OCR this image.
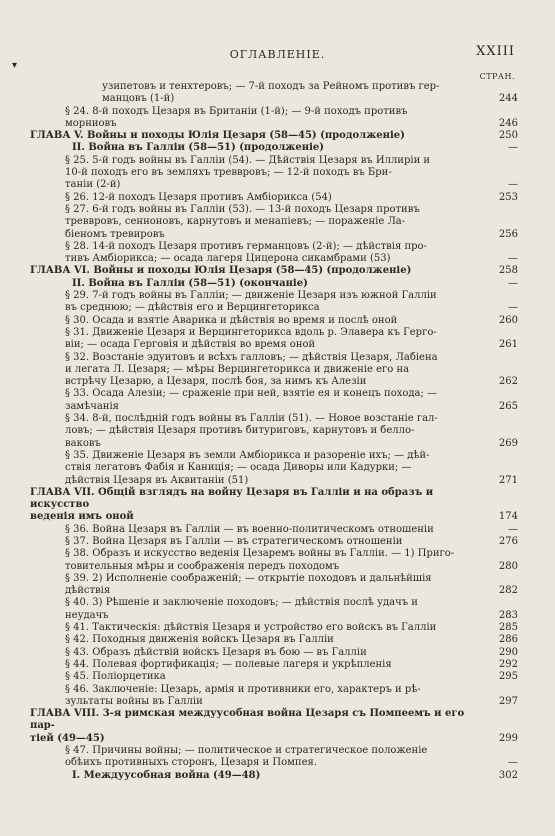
▾
ОГЛАВЛЕНІЕ.	XXIII
СТРАН.
узипетовъ и тенхтеровъ; — 7-й походъ за Рейномъ противъ гер-
манцовъ (1-й)	244
§ 24. 8-й походъ Цезаря въ Британіи (1-й); — 9-й походъ противъ
морниовъ	246
ГЛАВА V. Войны и походы Юлія Цезаря (58—45) (продолженіе)	250
II. Война въ Галліи (58—51) (продолженіе)	—
§ 25. 5-й годъ войны въ Галліи (54). — Дѣйствія Цезаря въ Иллиріи и
10-й походъ его въ земляхъ треввровъ; — 12-й походъ въ Бри-
таніи (2-й)	—
§ 26. 12-й походъ Цезаря противъ Амбіорикса (54)	253
§ 27. 6-й годъ войны въ Галліи (53). — 13-й походъ Цезаря противъ
треввровъ, сенноновъ, карнутовъ и менапіевъ; — пораженіе Ла-
біеномъ тревировъ	256
§ 28. 14-й походъ Цезаря противъ германцовъ (2-й); — дѣйствія про-
тивъ Амбіорикса; — осада лагеря Цицерона сикамбрами (53)	—
ГЛАВА VI. Войны и походы Юлія Цезаря (58—45) (продолженіе)	258
II. Война въ Галліи (58—51) (окончаніе)	—
§ 29. 7-й годъ войны въ Галліи; — движеніе Цезаря изъ южной Галліи
въ среднюю; — дѣйствія его и Верцингеторикса	—
§ 30. Осада и взятіе Аварика и дѣйствія во время и послѣ оной	260
§ 31. Движеніе Цезаря и Верцингеторикса вдоль р. Элавера къ Гергo-
віи; — осада Герговія и дѣйствія во время оной	261
§ 32. Возстаніе эдуитовъ и всѣхъ галловъ; — дѣйствія Цезаря, Лабіена
и легата Л. Цезаря; — мѣры Верцингеторикса и движеніе его на
встрѣчу Цезарю, а Цезаря, послѣ боя, за нимъ къ Алезіи	262
§ 33. Осада Алезіи; — сраженіе при ней, взятіе ея и конецъ похода; —
замѣчанія	265
§ 34. 8-й, послѣдній годъ войны въ Галліи (51). — Новое возстаніе гал-
ловъ; — дѣйствія Цезаря противъ битуриговъ, карнутовъ и белло-
ваковъ	269
§ 35. Движеніе Цезаря въ земли Амбіорикса и разореніе ихъ; — дѣй-
ствія легатовъ Фабія и Каниція; — осада Диворы или Кадурки; —
дѣйствія Цезаря въ Аквитаніи (51)	271
ГЛАВА VII. Общій взглядъ на войну Цезаря въ Галліи и на образъ и искусство
веденія имъ оной	174
§ 36. Война Цезаря въ Галліи — въ военно-политическомъ отношеніи	—
§ 37. Война Цезаря въ Галліи — въ стратегическомъ отношеніи	276
§ 38. Образъ и искусство веденія Цезаремъ войны въ Галліи. — 1) Приго-
товительныя мѣры и соображенія передъ походомъ	280
§ 39. 2) Исполненіе соображеній; — открытіе походовъ и дальнѣйшія
дѣйствія	282
§ 40. 3) Рѣшеніе и заключеніе походовъ; — дѣйствія послѣ удачъ и
неудачъ	283
§ 41. Тактическія: дѣйствія Цезаря и устройство его войскъ въ Галліи	285
§ 42. Походныя движенія войскъ Цезаря въ Галліи	286
§ 43. Образъ дѣйствій войскъ Цезаря въ бою — въ Галліи	290
§ 44. Полевая фортификація; — полевые лагеря и укрѣпленія	292
§ 45. Поліорцетика	295
§ 46. Заключеніе: Цезарь, армія и противники его, характеръ и рѣ-
зультаты войны въ Галліи	297
ГЛАВА VIII. 3-я римская междуусобная война Цезаря съ Помпеемъ и его пар-
тіей (49—45)	299
§ 47. Причины войны; — политическое и стратегическое положеніе
обѣихъ противныхъ сторонъ, Цезаря и Помпея.	—
I. Междуусобная война (49—48)	302
